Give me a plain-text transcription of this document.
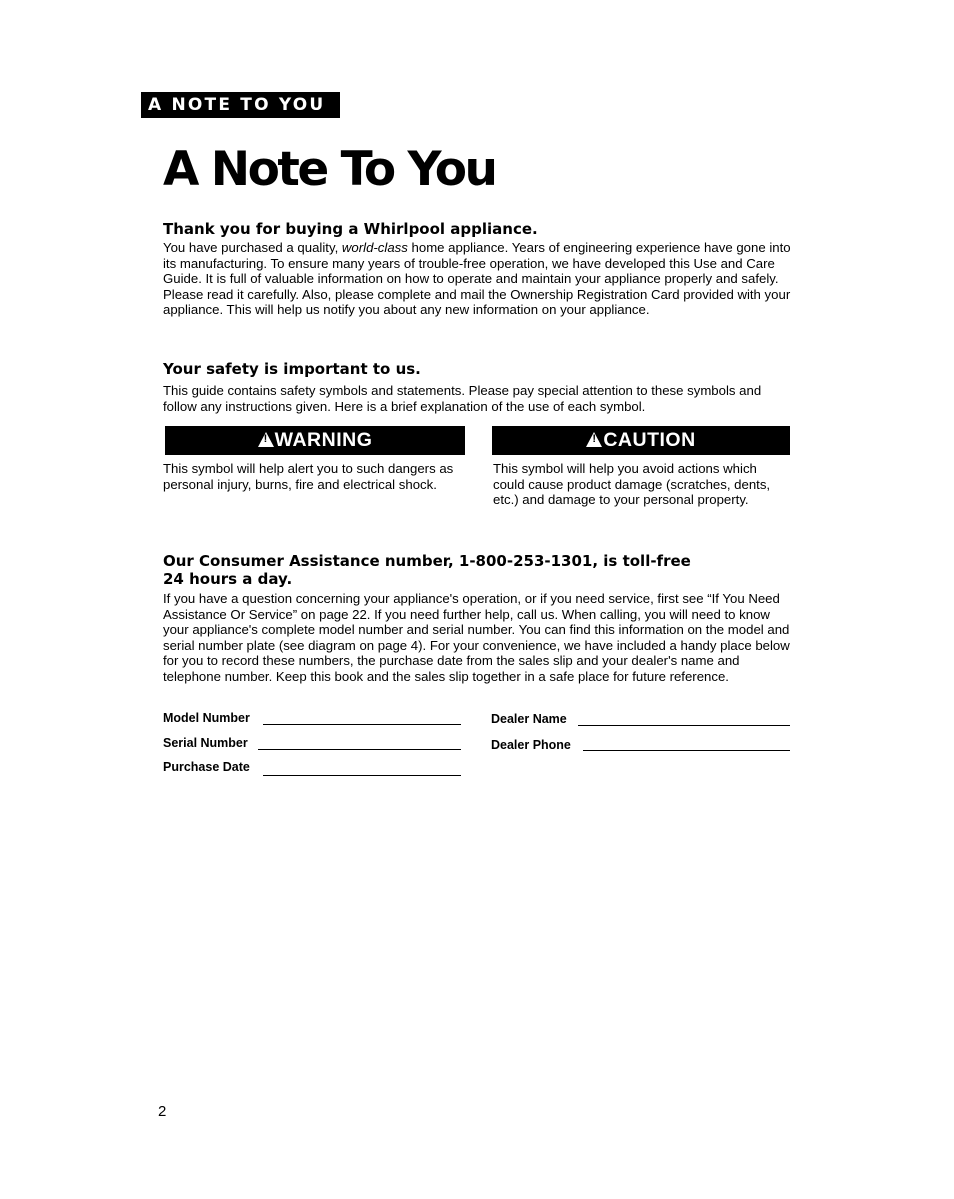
A NOTE TO YOU
A Note To You
Thank you for buying a Whirlpool appliance.

You have purchased a quality, world-class home appliance. Years of engineering experience have gone into its manufacturing. To ensure many years of trouble-free operation, we have developed this Use and Care Guide. It is full of valuable information on how to operate and maintain your appliance properly and safely. Please read it carefully. Also, please complete and mail the Ownership Registration Card provided with your appliance. This will help us notify you about any new information on your appliance.

Your safety is important to us.

This guide contains safety symbols and statements. Please pay special attention to these symbols and follow any instructions given. Here is a brief explanation of the use of each symbol.

!WARNING

This symbol will help alert you to such dangers as personal injury, burns, fire and electrical shock.

!CAUTION

This symbol will help you avoid actions which could cause product damage (scratches, dents, etc.) and damage to your personal property.

Our Consumer Assistance number, 1-800-253-1301, is toll-free 24 hours a day.

If you have a question concerning your appliance's operation, or if you need service, first see “If You Need Assistance Or Service” on page 22. If you need further help, call us. When calling, you will need to know your appliance's complete model number and serial number. You can find this information on the model and serial number plate (see diagram on page 4). For your convenience, we have included a handy place below for you to record these numbers, the purchase date from the sales slip and your dealer's name and telephone number. Keep this book and the sales slip together in a safe place for future reference.

Model Number
Serial Number
Purchase Date
Dealer Name
Dealer Phone
2
